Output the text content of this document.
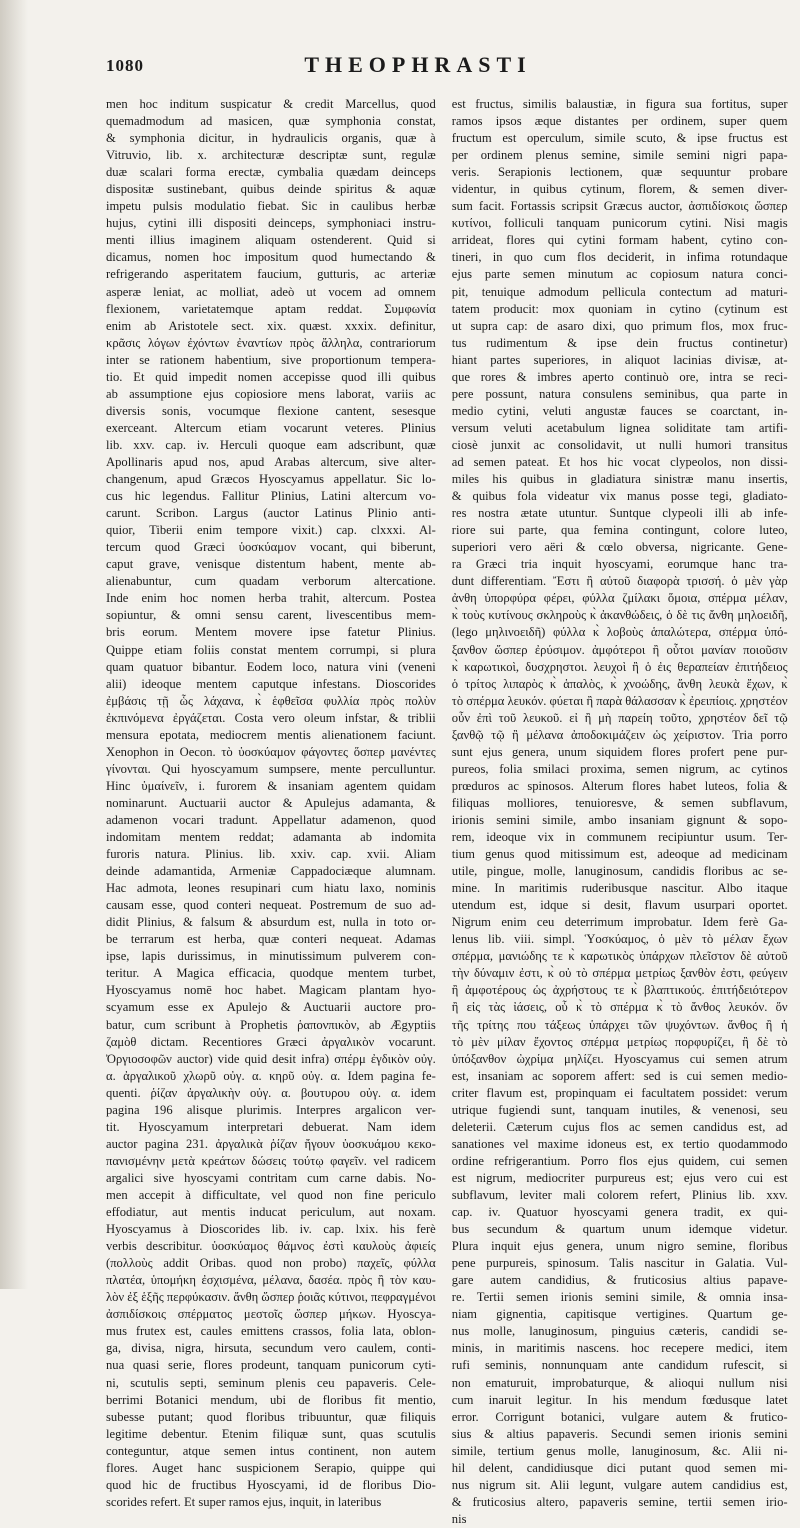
1080	THEOPHRASTI
men hoc inditum suspicatur & credit Marcellus, quod
quemadmodum ad masicen, quæ symphonia constat,
& symphonia dicitur, in hydraulicis organis, quæ à
Vitruvio, lib. x. architecturæ descriptæ sunt, regulæ
duæ scalari forma erectæ, cymbalia quædam deinceps
dispositæ sustinebant, quibus deinde spiritus & aquæ
impetu pulsis modulatio fiebat. Sic in caulibus herbæ
hujus, cytini illi dispositi deinceps, symphoniaci instru-
menti illius imaginem aliquam ostenderent. Quid si
dicamus, nomen hoc impositum quod humectando &
refrigerando asperitatem faucium, gutturis, ac arteriæ
asperæ leniat, ac molliat, adeò ut vocem ad omnem
flexionem, varietatemque aptam reddat. Συμφωνία
enim ab Aristotele sect. xix. quæst. xxxix. definitur,
κρᾶσις λόγων ἐχόντων ἐναντίων πρὸς ἄλληλα, contrariorum
inter se rationem habentium, sive proportionum tempera-
tio. Et quid impedit nomen accepisse quod illi quibus
ab assumptione ejus copiosiore mens laborat, variis ac
diversis sonis, vocumque flexione cantent, sesesque
exerceant. Altercum etiam vocarunt veteres. Plinius
lib. xxv. cap. iv. Herculi quoque eam adscribunt, quæ
Apollinaris apud nos, apud Arabas altercum, sive alter-
changenum, apud Græcos Hyoscyamus appellatur. Sic lo-
cus hic legendus. Fallitur Plinius, Latini altercum vo-
carunt. Scribon. Largus (auctor Latinus Plinio anti-
quior, Tiberii enim tempore vixit.) cap. clxxxi. Al-
tercum quod Græci ὑοσκύαμον vocant, qui biberunt,
caput grave, venisque distentum habent, mente ab-
alienabuntur, cum quadam verborum altercatione.
Inde enim hoc nomen herba trahit, altercum. Postea
sopiuntur, & omni sensu carent, livescentibus mem-
bris eorum. Mentem movere ipse fatetur Plinius.
Quippe etiam foliis constat mentem corrumpi, si plura
quam quatuor bibantur. Eodem loco, natura vini (veneni
alii) ideoque mentem caputque infestans. Dioscorides
ἐμβάσις τῇ ὧς λάχανα, κ̀ ἑφθεῖσα φυλλία πρὸς πολὺν
ἐκπινόμενα ἐργάζεται. Costa vero oleum infstar, & triblii
mensura epotata, mediocrem mentis alienationem faciunt.
Xenophon in Oecon. τὸ ὑοσκύαμον φάγοντες ὅσπερ μανέντες
γίνονται. Qui hyoscyamum sumpsere, mente perculluntur.
Hinc ὑμαίνεῖν, i. furorem & insaniam agentem quidam
nominarunt. Auctuarii auctor & Apulejus adamanta, &
adamenon vocari tradunt. Appellatur adamenon, quod
indomitam mentem reddat; adamanta ab indomita
furoris natura. Plinius. lib. xxiv. cap. xvii. Aliam
deinde adamantida, Armeniæ Cappadociæque alumnam.
Hac admota, leones resupinari cum hiatu laxo, nominis
causam esse, quod conteri nequeat. Postremum de suo ad-
didit Plinius, & falsum & absurdum est, nulla in toto or-
be terrarum est herba, quæ conteri nequeat. Adamas
ipse, lapis durissimus, in minutissimum pulverem con-
teritur. A Magica efficacia, quodque mentem turbet,
Hyoscyamus nomē hoc habet. Magicam plantam hyo-
scyamum esse ex Apulejo & Auctuarii auctore pro-
batur, cum scribunt à Prophetis ῥαπονπικὸν, ab Ægyptiis
ζαμὸθ dictam. Recentiores Græci ἀργαλικὸν vocarunt.
Ὀργιοσοφῶν auctor) vide quid desit infra) σπέρμ ἐγδικὸν οὐγ.
α. ἀργαλικοῦ χλωρῦ οὐγ. α. κηρῦ οὐγ. α. Idem pagina fe-
quenti. ῥίζαν ἀργαλικὴν οὐγ. α. βουτυρου οὐγ. α. idem
pagina 196 alisque plurimis. Interpres argalicon ver-
tit. Hyoscyamum interpretari debuerat. Nam idem
auctor pagina 231. ἀργαλικὰ ῥίζαν ἤγουν ὑοσκυάμου κεκο-
πανισμένην μετὰ κρεάτων δώσεις τούτῳ φαγεῖν. vel radicem
argalici sive hyoscyami contritam cum carne dabis. No-
men accepit à difficultate, vel quod non fine periculo
effodiatur, aut mentis inducat periculum, aut noxam.
Hyoscyamus à Dioscorides lib. iv. cap. lxix. his ferè
verbis describitur. ὑοσκύαμος θάμνος ἐστὶ καυλοὺς ἀφιείς
(πολλοὺς addit Oribas. quod non probo) παχεῖς, φύλλα
πλατέα, ὑπομήκη ἐσχισμένα, μέλανα, δασέα. πρὸς ἢ τὸν καυ-
λὸν ἐξ ἑξῆς περφύκασιν. ἄνθη ὥσπερ ῥοιᾶς κύτινοι, πεφραγμένοι
ἀσπιδίσκοις σπέρματος μεστοῖς ὥσπερ μήκων. Hyoscya-
mus frutex est, caules emittens crassos, folia lata, oblon-
ga, divisa, nigra, hirsuta, secundum vero caulem, conti-
nua quasi serie, flores prodeunt, tanquam punicorum cyti-
ni, scutulis septi, seminum plenis ceu papaveris. Cele-
berrimi Botanici mendum, ubi de floribus fit mentio,
subesse putant; quod floribus tribuuntur, quæ filiquis
legitime debentur. Etenim filiquæ sunt, quas scutulis
conteguntur, atque semen intus continent, non autem
flores. Auget hanc suspicionem Serapio, quippe qui
quod hic de fructibus Hyoscyami, id de floribus Dio-
scorides refert. Et super ramos ejus, inquit, in lateribus
est fructus, similis balaustiæ, in figura sua fortitus, super
ramos ipsos æque distantes per ordinem, super quem
fructum est operculum, simile scuto, & ipse fructus est
per ordinem plenus semine, simile semini nigri papa-
veris. Serapionis lectionem, quæ sequuntur probare
videntur, in quibus cytinum, florem, & semen diver-
sum facit. Fortassis scripsit Græcus auctor, ἀσπιδίσκοις ὥσπερ
κυτίνοι, folliculi tanquam punicorum cytini. Nisi magis
arrideat, flores qui cytini formam habent, cytino con-
tineri, in quo cum flos deciderit, in infima rotundaque
ejus parte semen minutum ac copiosum natura conci-
pit, tenuique admodum pellicula contectum ad maturi-
tatem producit: mox quoniam in cytino (cytinum est
ut supra cap: de asaro dixi, quo primum flos, mox fruc-
tus rudimentum & ipse dein fructus continetur)
hiant partes superiores, in aliquot lacinias divisæ, at-
que rores & imbres aperto continuò ore, intra se reci-
pere possunt, natura consulens seminibus, qua parte in
medio cytini, veluti angustæ fauces se coarctant, in-
versum veluti acetabulum lignea soliditate tam artifi-
ciosè junxit ac consolidavit, ut nulli humori transitus
ad semen pateat. Et hos hic vocat clypeolos, non dissi-
miles his quibus in gladiatura sinistræ manu insertis,
& quibus fola videatur vix manus posse tegi, gladiato-
res nostra ætate utuntur. Suntque clypeoli illi ab infe-
riore sui parte, qua femina contingunt, colore luteo,
superiori vero aëri & cœlo obversa, nigricante. Gene-
ra Græci tria inquit hyoscyami, eorumque hanc tra-
dunt differentiam. Ἔστι ἢ αὐτοῦ διαφορὰ τρισσή. ὁ μὲν γὰρ
ἀνθη ὑπορφύρα φέρει, φύλλα ζμίλακι ὅμοια, σπέρμα μέλαν,
κ̀ τοὺς κυτίνους σκληροὺς κ̀ ἀκανθώδεις, ὁ δὲ τις ἄνθη μηλοειδῆ,
(lego μηλινοειδῆ) φύλλα κ̀ λοβοὺς ἁπαλώτερα, σπέρμα ὑπό-
ξανθον ὥσπερ ἐρύσιμον. ἀμφότεροι ἢ οὗτοι μανίαν ποιοῦσιν
κ̀ καρωτικοὶ, δυσχρηστοι. λευχοὶ ἢ ὁ ἐις θεραπείαν ἐπιτήδειος
ὁ τρίτος λιπαρὸς κ̀ ἁπαλὸς, κ̀ χνοώδης, ἄνθη λευκὰ ἔχων, κ̀
τὸ σπέρμα λευκόν. φύεται ἢ παρὰ θάλασσαν κ̀ ἐρειπίοις. χρηστέον
οὖν ἐπὶ τοῦ λευκοῦ. εἰ ἢ μὴ παρείη τοῦτο, χρηστέον δεῖ τῷ
ξανθῷ τῷ ἢ μέλανα ἀποδοκιμάζειν ὡς χείριστον. Tria porro
sunt ejus genera, unum siquidem flores profert pene pur-
pureos, folia smilaci proxima, semen nigrum, ac cytinos
prœduros ac spinosos. Alterum flores habet luteos, folia &
filiquas molliores, tenuioresve, & semen subflavum,
irionis semini simile, ambo insaniam gignunt & sopo-
rem, ideoque vix in communem recipiuntur usum. Ter-
tium genus quod mitissimum est, adeoque ad medicinam
utile, pingue, molle, lanuginosum, candidis floribus ac se-
mine. In maritimis ruderibusque nascitur. Albo itaque
utendum est, idque si desit, flavum usurpari oportet.
Nigrum enim ceu deterrimum improbatur. Idem ferè Ga-
lenus lib. viii. simpl. Ὑοσκύαμος, ὁ μὲν τὸ μέλαν ἔχων
σπέρμα, μανιώδης τε κ̀ καρωτικὸς ὑπάρχων πλεῖστον δὲ αὐτοῦ
τὴν δύναμιν ἐστι, κ̀ οὐ τὸ σπέρμα μετρίως ξανθὸν ἐστι, φεύγειν
ἢ ἀμφοτέρους ὡς ἀχρήστους τε κ̀ βλαπτικούς. ἐπιτήδειότερον
ἢ εἰς τὰς ἰάσεις, οὗ κ̀ τὸ σπέρμα κ̀ τὸ ἄνθος λευκόν. ὅν
τῆς τρίτης που τάξεως ὑπάρχει τῶν ψυχόντων. ἄνθος ἢ ἡ
τὸ μὲν μίλαν ἔχοντος σπέρμα μετρίως πορφυρίζει, ἢ δὲ τὸ
ὑπόξανθον ὠχρίμα μηλίζει. Hyoscyamus cui semen atrum
est, insaniam ac soporem affert: sed is cui semen medio-
criter flavum est, propinquam ei facultatem possidet: verum
utrique fugiendi sunt, tanquam inutiles, & venenosi, seu
deleterii. Cæterum cujus flos ac semen candidus est, ad
sanationes vel maxime idoneus est, ex tertio quodammodo
ordine refrigerantium. Porro flos ejus quidem, cui semen
est nigrum, mediocriter purpureus est; ejus vero cui est
subflavum, leviter mali colorem refert, Plinius lib. xxv.
cap. iv. Quatuor hyoscyami genera tradit, ex qui-
bus secundum & quartum unum idemque videtur.
Plura inquit ejus genera, unum nigro semine, floribus
pene purpureis, spinosum. Talis nascitur in Galatia. Vul-
gare autem candidius, & fruticosius altius papave-
re. Tertii semen irionis semini simile, & omnia insa-
niam gignentia, capitisque vertigines. Quartum ge-
nus molle, lanuginosum, pinguius cæteris, candidi se-
minis, in maritimis nascens. hoc recepere medici, item
rufi seminis, nonnunquam ante candidum rufescit, si
non ematuruit, improbaturque, & alioqui nullum nisi
cum inaruit legitur. In his mendum fœdusque latet
error. Corrigunt botanici, vulgare autem & frutico-
sius & altius papaveris. Secundi semen irionis semini
simile, tertium genus molle, lanuginosum, &c. Alii ni-
hil delent, candidiusque dici putant quod semen mi-
nus nigrum sit. Alii legunt, vulgare autem candidius est,
& fruticosius altero, papaveris semine, tertii semen irio-
nis
